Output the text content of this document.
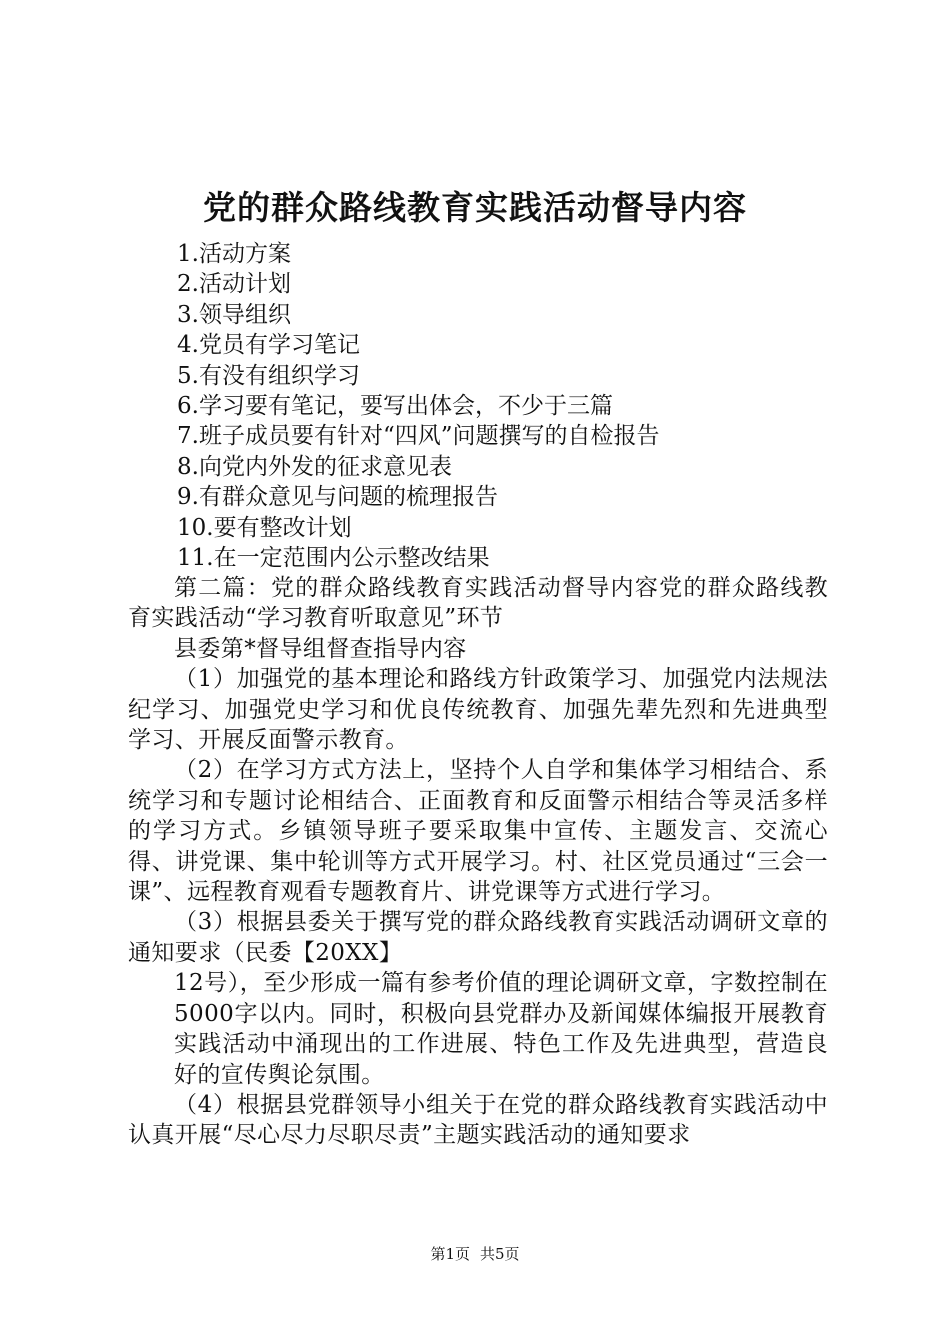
党的群众路线教育实践活动督导内容
1.活动方案
2.活动计划
3.领导组织
4.党员有学习笔记
5.有没有组织学习
6.学习要有笔记，要写出体会，不少于三篇
7.班子成员要有针对“四风”问题撰写的自检报告
8.向党内外发的征求意见表
9.有群众意见与问题的梳理报告
10.要有整改计划
11.在一定范围内公示整改结果

第二篇：党的群众路线教育实践活动督导内容党的群众路线教育实践活动“学习教育听取意见”环节

县委第*督导组督查指导内容

（1）加强党的基本理论和路线方针政策学习、加强党内法规法纪学习、加强党史学习和优良传统教育、加强先辈先烈和先进典型学习、开展反面警示教育。

（2）在学习方式方法上，坚持个人自学和集体学习相结合、系统学习和专题讨论相结合、正面教育和反面警示相结合等灵活多样的学习方式。乡镇领导班子要采取集中宣传、主题发言、交流心得、讲党课、集中轮训等方式开展学习。村、社区党员通过“三会一课”、远程教育观看专题教育片、讲党课等方式进行学习。

（3）根据县委关于撰写党的群众路线教育实践活动调研文章的通知要求（民委【20XX】

12号），至少形成一篇有参考价值的理论调研文章，字数控制在5000字以内。同时，积极向县党群办及新闻媒体编报开展教育实践活动中涌现出的工作进展、特色工作及先进典型，营造良好的宣传舆论氛围。

（4）根据县党群领导小组关于在党的群众路线教育实践活动中认真开展“尽心尽力尽职尽责”主题实践活动的通知要求

第1页 共5页
